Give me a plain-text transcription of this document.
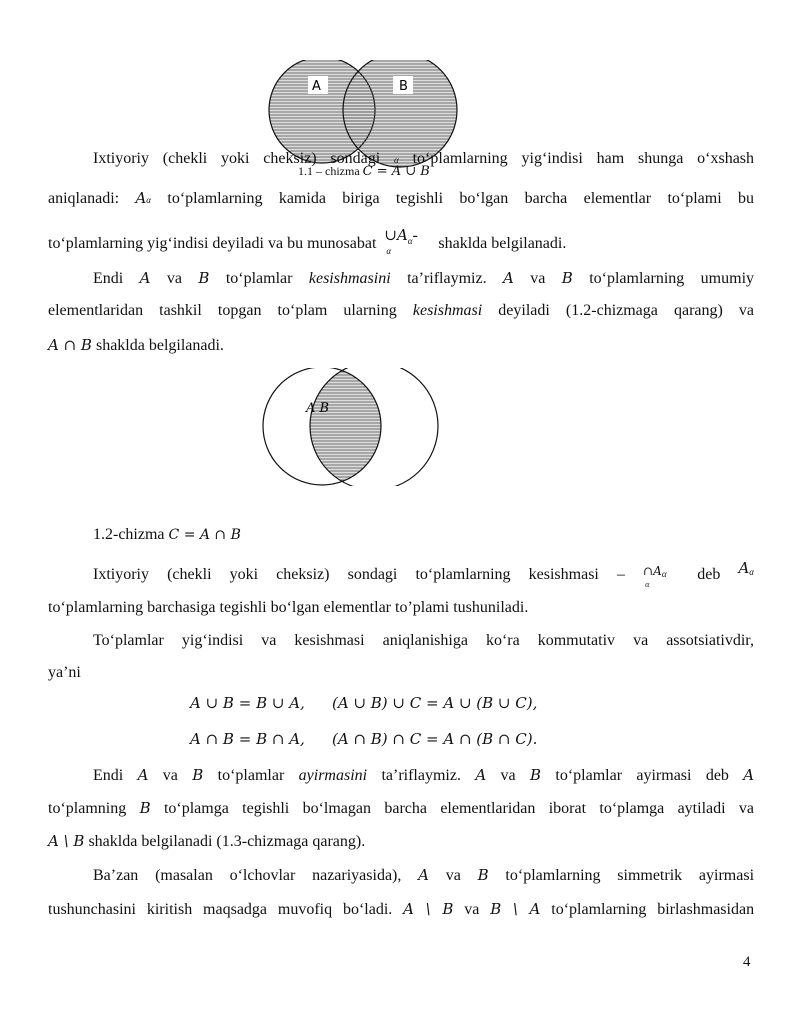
A	B
1.1 – chizma C = A ∪ B
Ixtiyoriy (chekli yoki cheksiz) sondagi α to‘plamlarning yig‘indisi ham shunga o‘xshash
aniqlanadi: Aα to‘plamlarning kamida biriga tegishli bo‘lgan barcha elementlar to‘plami bu
to‘plamlarning yig‘indisi deyiladi va bu munosabat $\cup A^\alpha-$
α	shaklda belgilanadi.
Endi A va B to‘plamlar kesishmasini ta’riflaymiz. A va B to‘plamlarning umumiy
elementlaridan tashkil topgan to‘plam ularning kesishmasi deyiladi (1.2-chizmaga qarang) va
A ∩ B shaklda belgilanadi.
A B
1.2-chizma C = A ∩ B
Ixtiyoriy (chekli yoki cheksiz) sondagi to‘plamlarning kesishmasi – $^{\cap A}$α
α
deb $A^\alpha$
to‘plamlarning barchasiga tegishli bo‘lgan elementlar to’plami tushuniladi.
To‘plamlar yig‘indisi va kesishmasi aniqlanishiga ko‘ra kommutativ va assotsiativdir,
ya’ni
A ∪ B = B ∪ A, (A ∪ B) ∪ C = A ∪ (B ∪ C),
A ∩ B = B ∩ A, (A ∩ B) ∩ C = A ∩ (B ∩ C).
Endi A va B to‘plamlar ayirmasini ta’riflaymiz. A va B to‘plamlar ayirmasi deb A
to‘plamning B to‘plamga tegishli bo‘lmagan barcha elementlaridan iborat to‘plamga aytiladi va
A \ B shaklda belgilanadi (1.3-chizmaga qarang).
Ba’zan (masalan o‘lchovlar nazariyasida), A va B to‘plamlarning simmetrik ayirmasi
tushunchasini kiritish maqsadga muvofiq bo‘ladi. A \ B va B \ A to‘plamlarning birlashmasidan
4
